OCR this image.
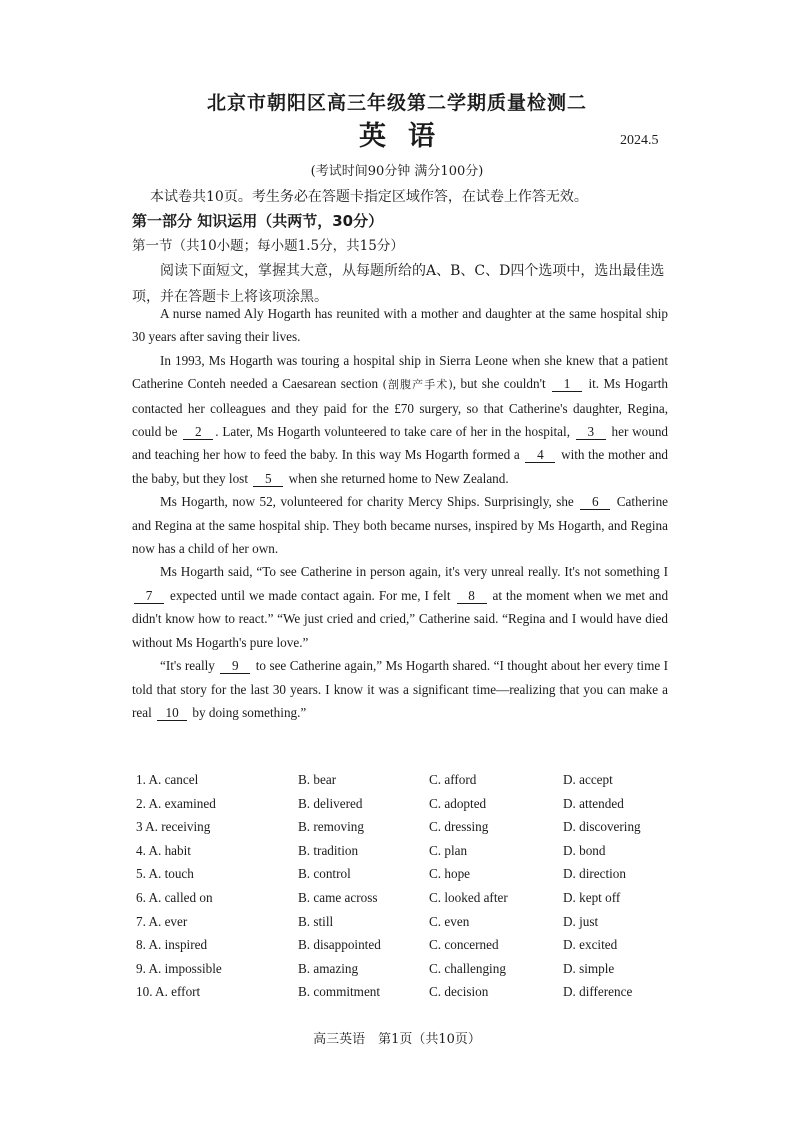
北京市朝阳区高三年级第二学期质量检测二
英语	2024.5
(考试时间90分钟 满分100分)
本试卷共10页。考生务必在答题卡指定区域作答，在试卷上作答无效。
第一部分 知识运用（共两节，30分）
第一节（共10小题；每小题1.5分，共15分）
阅读下面短文，掌握其大意，从每题所给的A、B、C、D四个选项中，选出最佳选项，并在答题卡上将该项涂黑。

A nurse named Aly Hogarth has reunited with a mother and daughter at the same hospital ship 30 years after saving their lives.

In 1993, Ms Hogarth was touring a hospital ship in Sierra Leone when she knew that a patient Catherine Conteh needed a Caesarean section (剖腹产手术), but she couldn't 1 it. Ms Hogarth contacted her colleagues and they paid for the £70 surgery, so that Catherine's daughter, Regina, could be 2 . Later, Ms Hogarth volunteered to take care of her in the hospital, 3 her wound and teaching her how to feed the baby. In this way Ms Hogarth formed a 4 with the mother and the baby, but they lost 5 when she returned home to New Zealand.

Ms Hogarth, now 52, volunteered for charity Mercy Ships. Surprisingly, she 6 Catherine and Regina at the same hospital ship. They both became nurses, inspired by Ms Hogarth, and Regina now has a child of her own.

Ms Hogarth said, “To see Catherine in person again, it's very unreal really. It's not something I 7 expected until we made contact again. For me, I felt 8 at the moment when we met and didn't know how to react.” “We just cried and cried,” Catherine said. “Regina and I would have died without Ms Hogarth's pure love.”

“It's really 9 to see Catherine again,” Ms Hogarth shared. “I thought about her every time I told that story for the last 30 years. I know it was a significant time—realizing that you can make a real 10 by doing something.”

1. A. cancel	B. bear	C. afford	D. accept
2. A. examined	B. delivered	C. adopted	D. attended
3 A. receiving	B. removing	C. dressing	D. discovering
4. A. habit	B. tradition	C. plan	D. bond
5. A. touch	B. control	C. hope	D. direction
6. A. called on	B. came across	C. looked after	D. kept off
7. A. ever	B. still	C. even	D. just
8. A. inspired	B. disappointed	C. concerned	D. excited
9. A. impossible	B. amazing	C. challenging	D. simple
10. A. effort	B. commitment	C. decision	D. difference
高三英语　第1页（共10页）
